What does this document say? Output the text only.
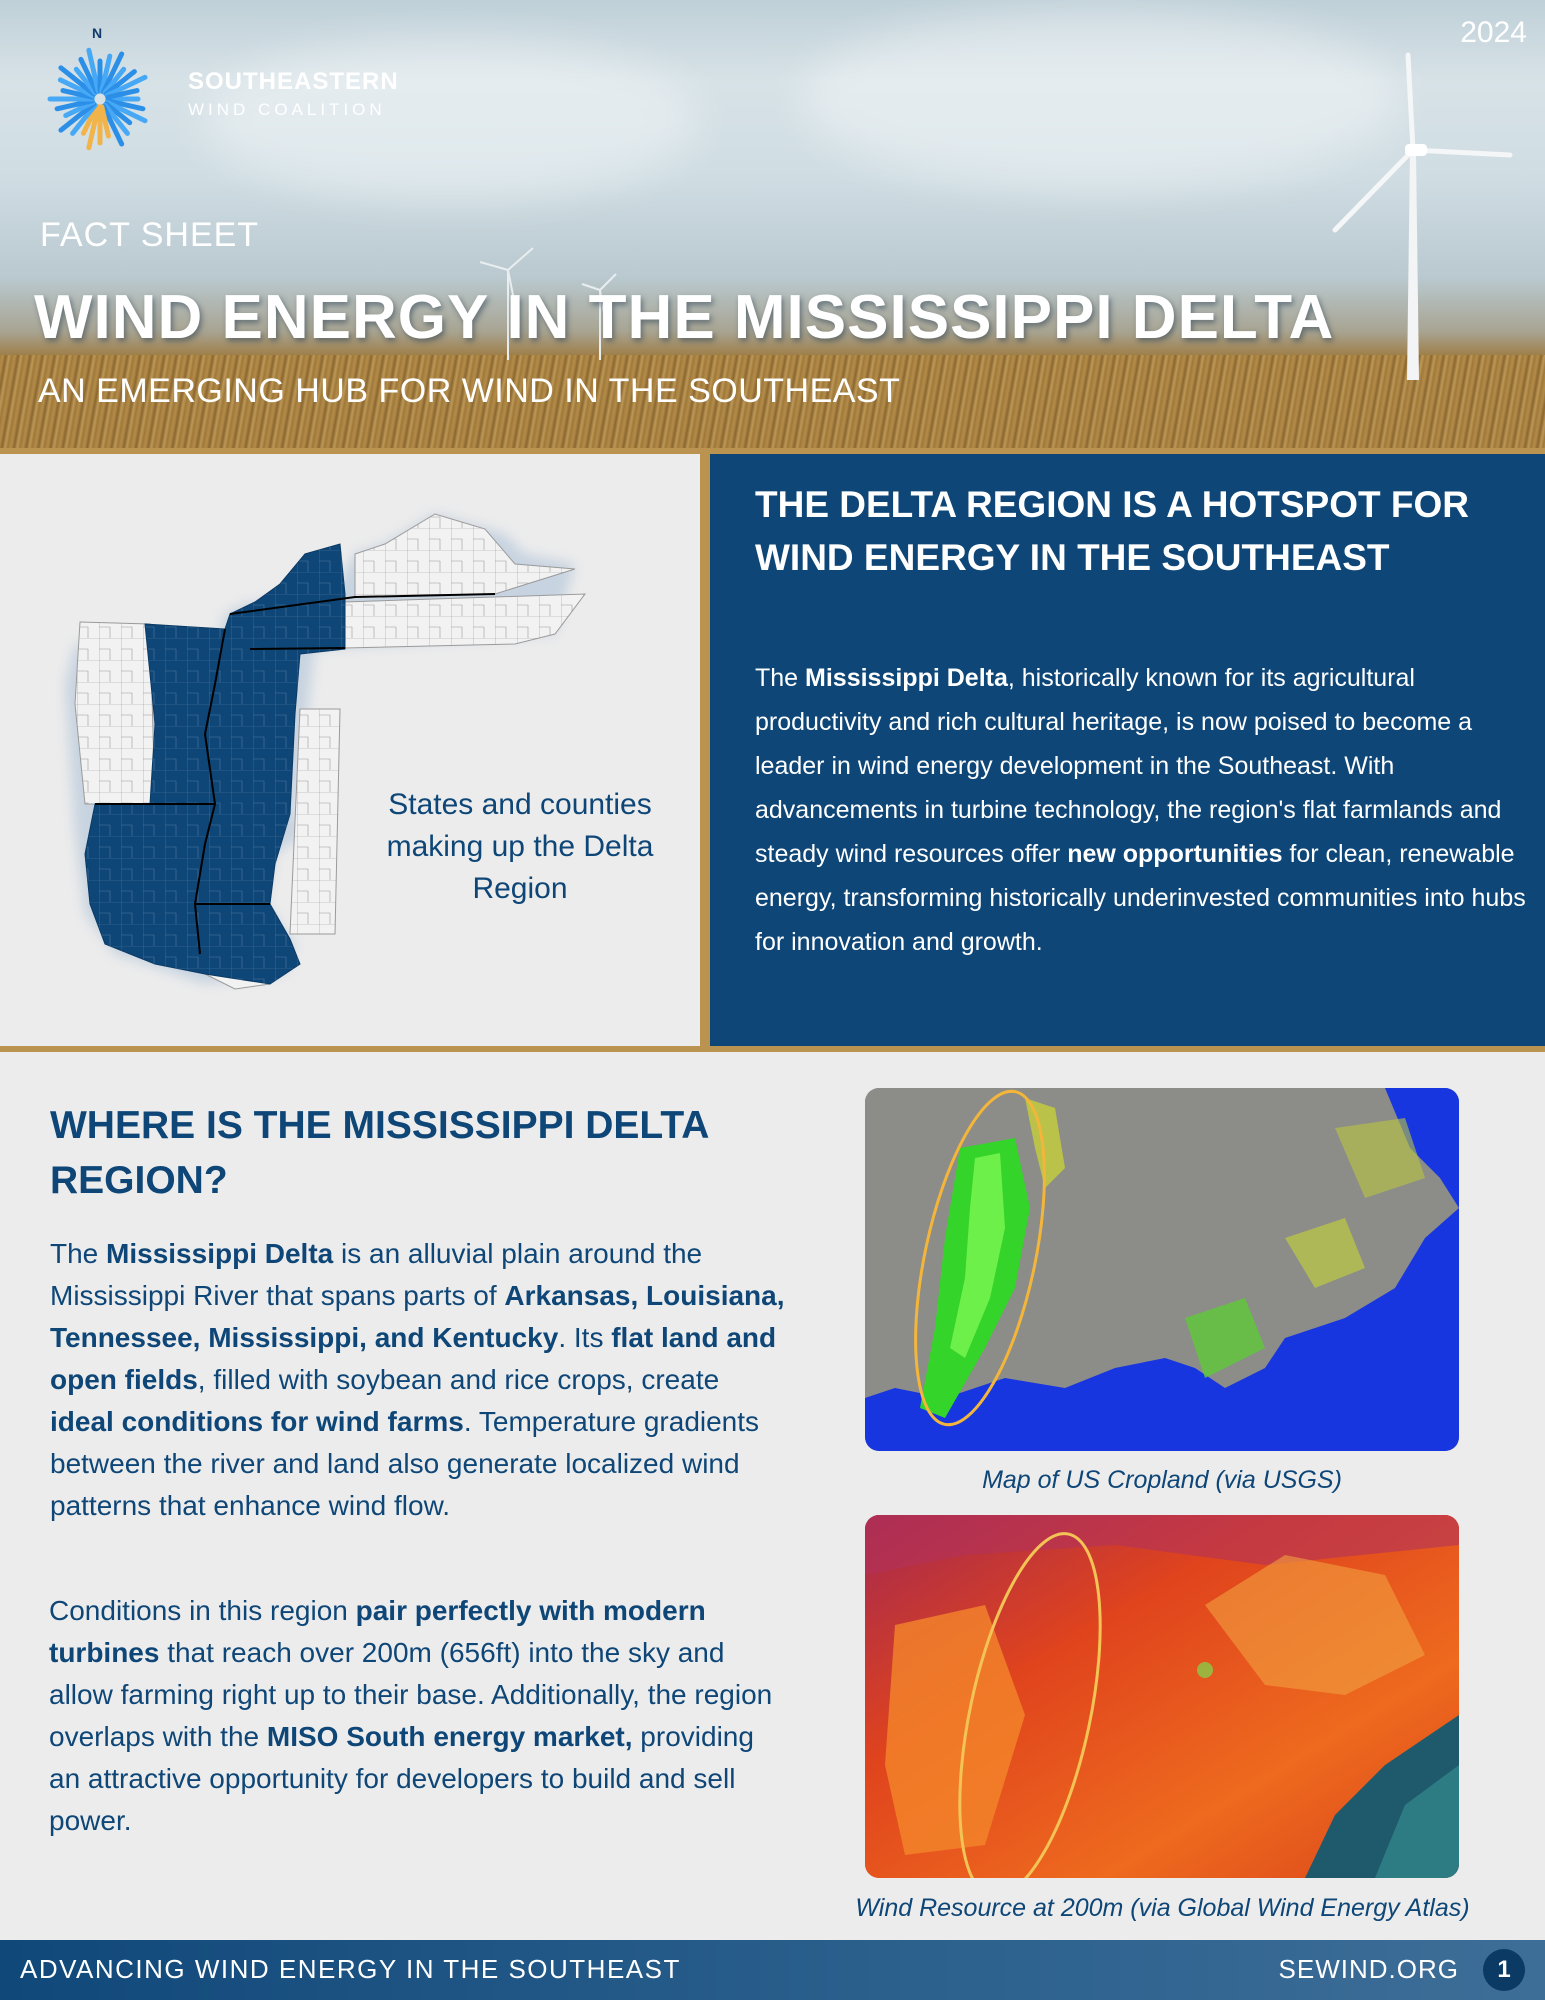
N
SOUTHEASTERN
WIND COALITION
2024
FACT SHEET
WIND ENERGY IN THE MISSISSIPPI DELTA
AN EMERGING HUB FOR WIND IN THE SOUTHEAST
States and counties making up the Delta Region
THE DELTA REGION IS A HOTSPOT FOR WIND ENERGY IN THE SOUTHEAST
The Mississippi Delta, historically known for its agricultural productivity and rich cultural heritage, is now poised to become a leader in wind energy development in the Southeast. With advancements in turbine technology, the region's flat farmlands and steady wind resources offer new opportunities for clean, renewable energy, transforming historically underinvested communities into hubs for innovation and growth.
WHERE IS THE MISSISSIPPI DELTA REGION?
The Mississippi Delta is an alluvial plain around the Mississippi River that spans parts of Arkansas, Louisiana, Tennessee, Mississippi, and Kentucky. Its flat land and open fields, filled with soybean and rice crops, create ideal conditions for wind farms. Temperature gradients between the river and land also generate localized wind patterns that enhance wind flow.
Conditions in this region pair perfectly with modern turbines that reach over 200m (656ft) into the sky and allow farming right up to their base. Additionally, the region overlaps with the MISO South energy market, providing an attractive opportunity for developers to build and sell power.
Map of US Cropland (via USGS)
Wind Resource at 200m (via Global Wind Energy Atlas)
ADVANCING WIND ENERGY IN THE SOUTHEAST	SEWIND.ORG	1
